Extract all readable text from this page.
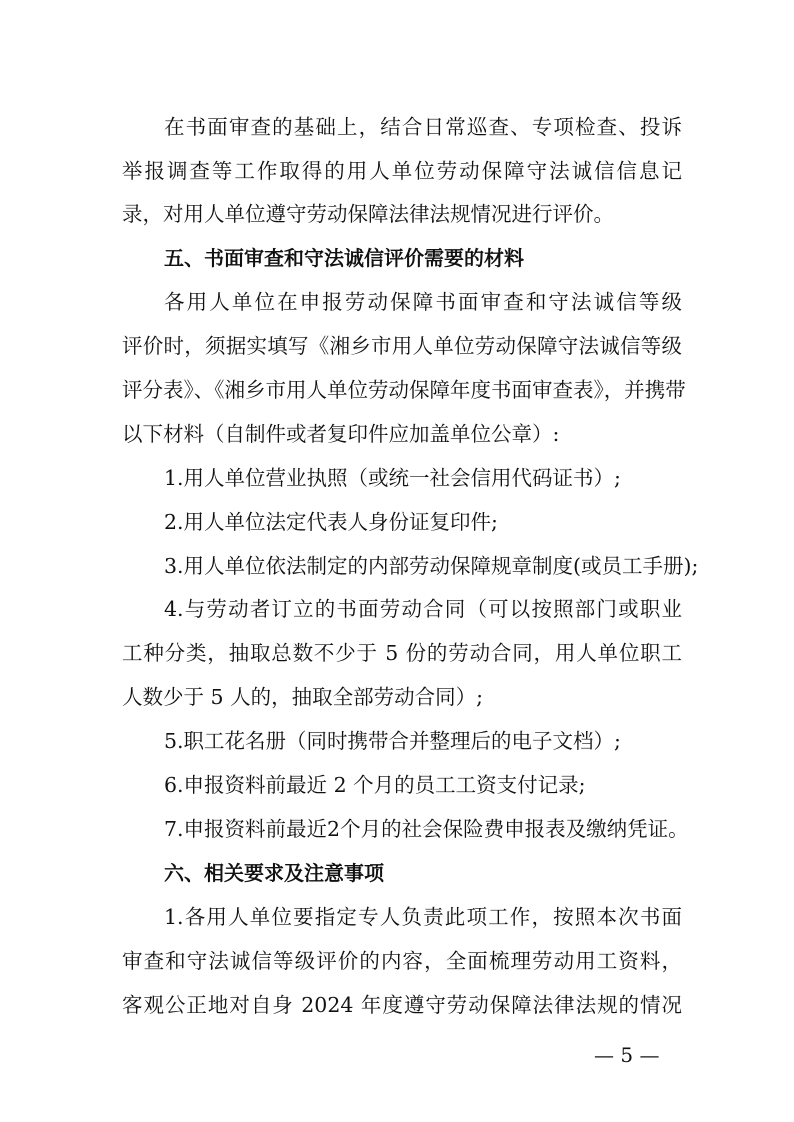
在书面审查的基础上，结合日常巡查、专项检查、投诉
举报调查等工作取得的用人单位劳动保障守法诚信信息记
录，对用人单位遵守劳动保障法律法规情况进行评价。
五、书面审查和守法诚信评价需要的材料
各用人单位在申报劳动保障书面审查和守法诚信等级
评价时，须据实填写《湘乡市用人单位劳动保障守法诚信等级
评分表》、《湘乡市用人单位劳动保障年度书面审查表》，并携带
以下材料（自制件或者复印件应加盖单位公章）:
1.用人单位营业执照（或统一社会信用代码证书）;
2.用人单位法定代表人身份证复印件;
3.用人单位依法制定的内部劳动保障规章制度(或员工手册);
4.与劳动者订立的书面劳动合同（可以按照部门或职业
工种分类，抽取总数不少于 5 份的劳动合同，用人单位职工
人数少于 5 人的，抽取全部劳动合同）;
5.职工花名册（同时携带合并整理后的电子文档）;
6.申报资料前最近 2 个月的员工工资支付记录;
7.申报资料前最近2个月的社会保险费申报表及缴纳凭证。
六、相关要求及注意事项
1.各用人单位要指定专人负责此项工作，按照本次书面
审查和守法诚信等级评价的内容，全面梳理劳动用工资料，
客观公正地对自身 2024 年度遵守劳动保障法律法规的情况
— 5 —
